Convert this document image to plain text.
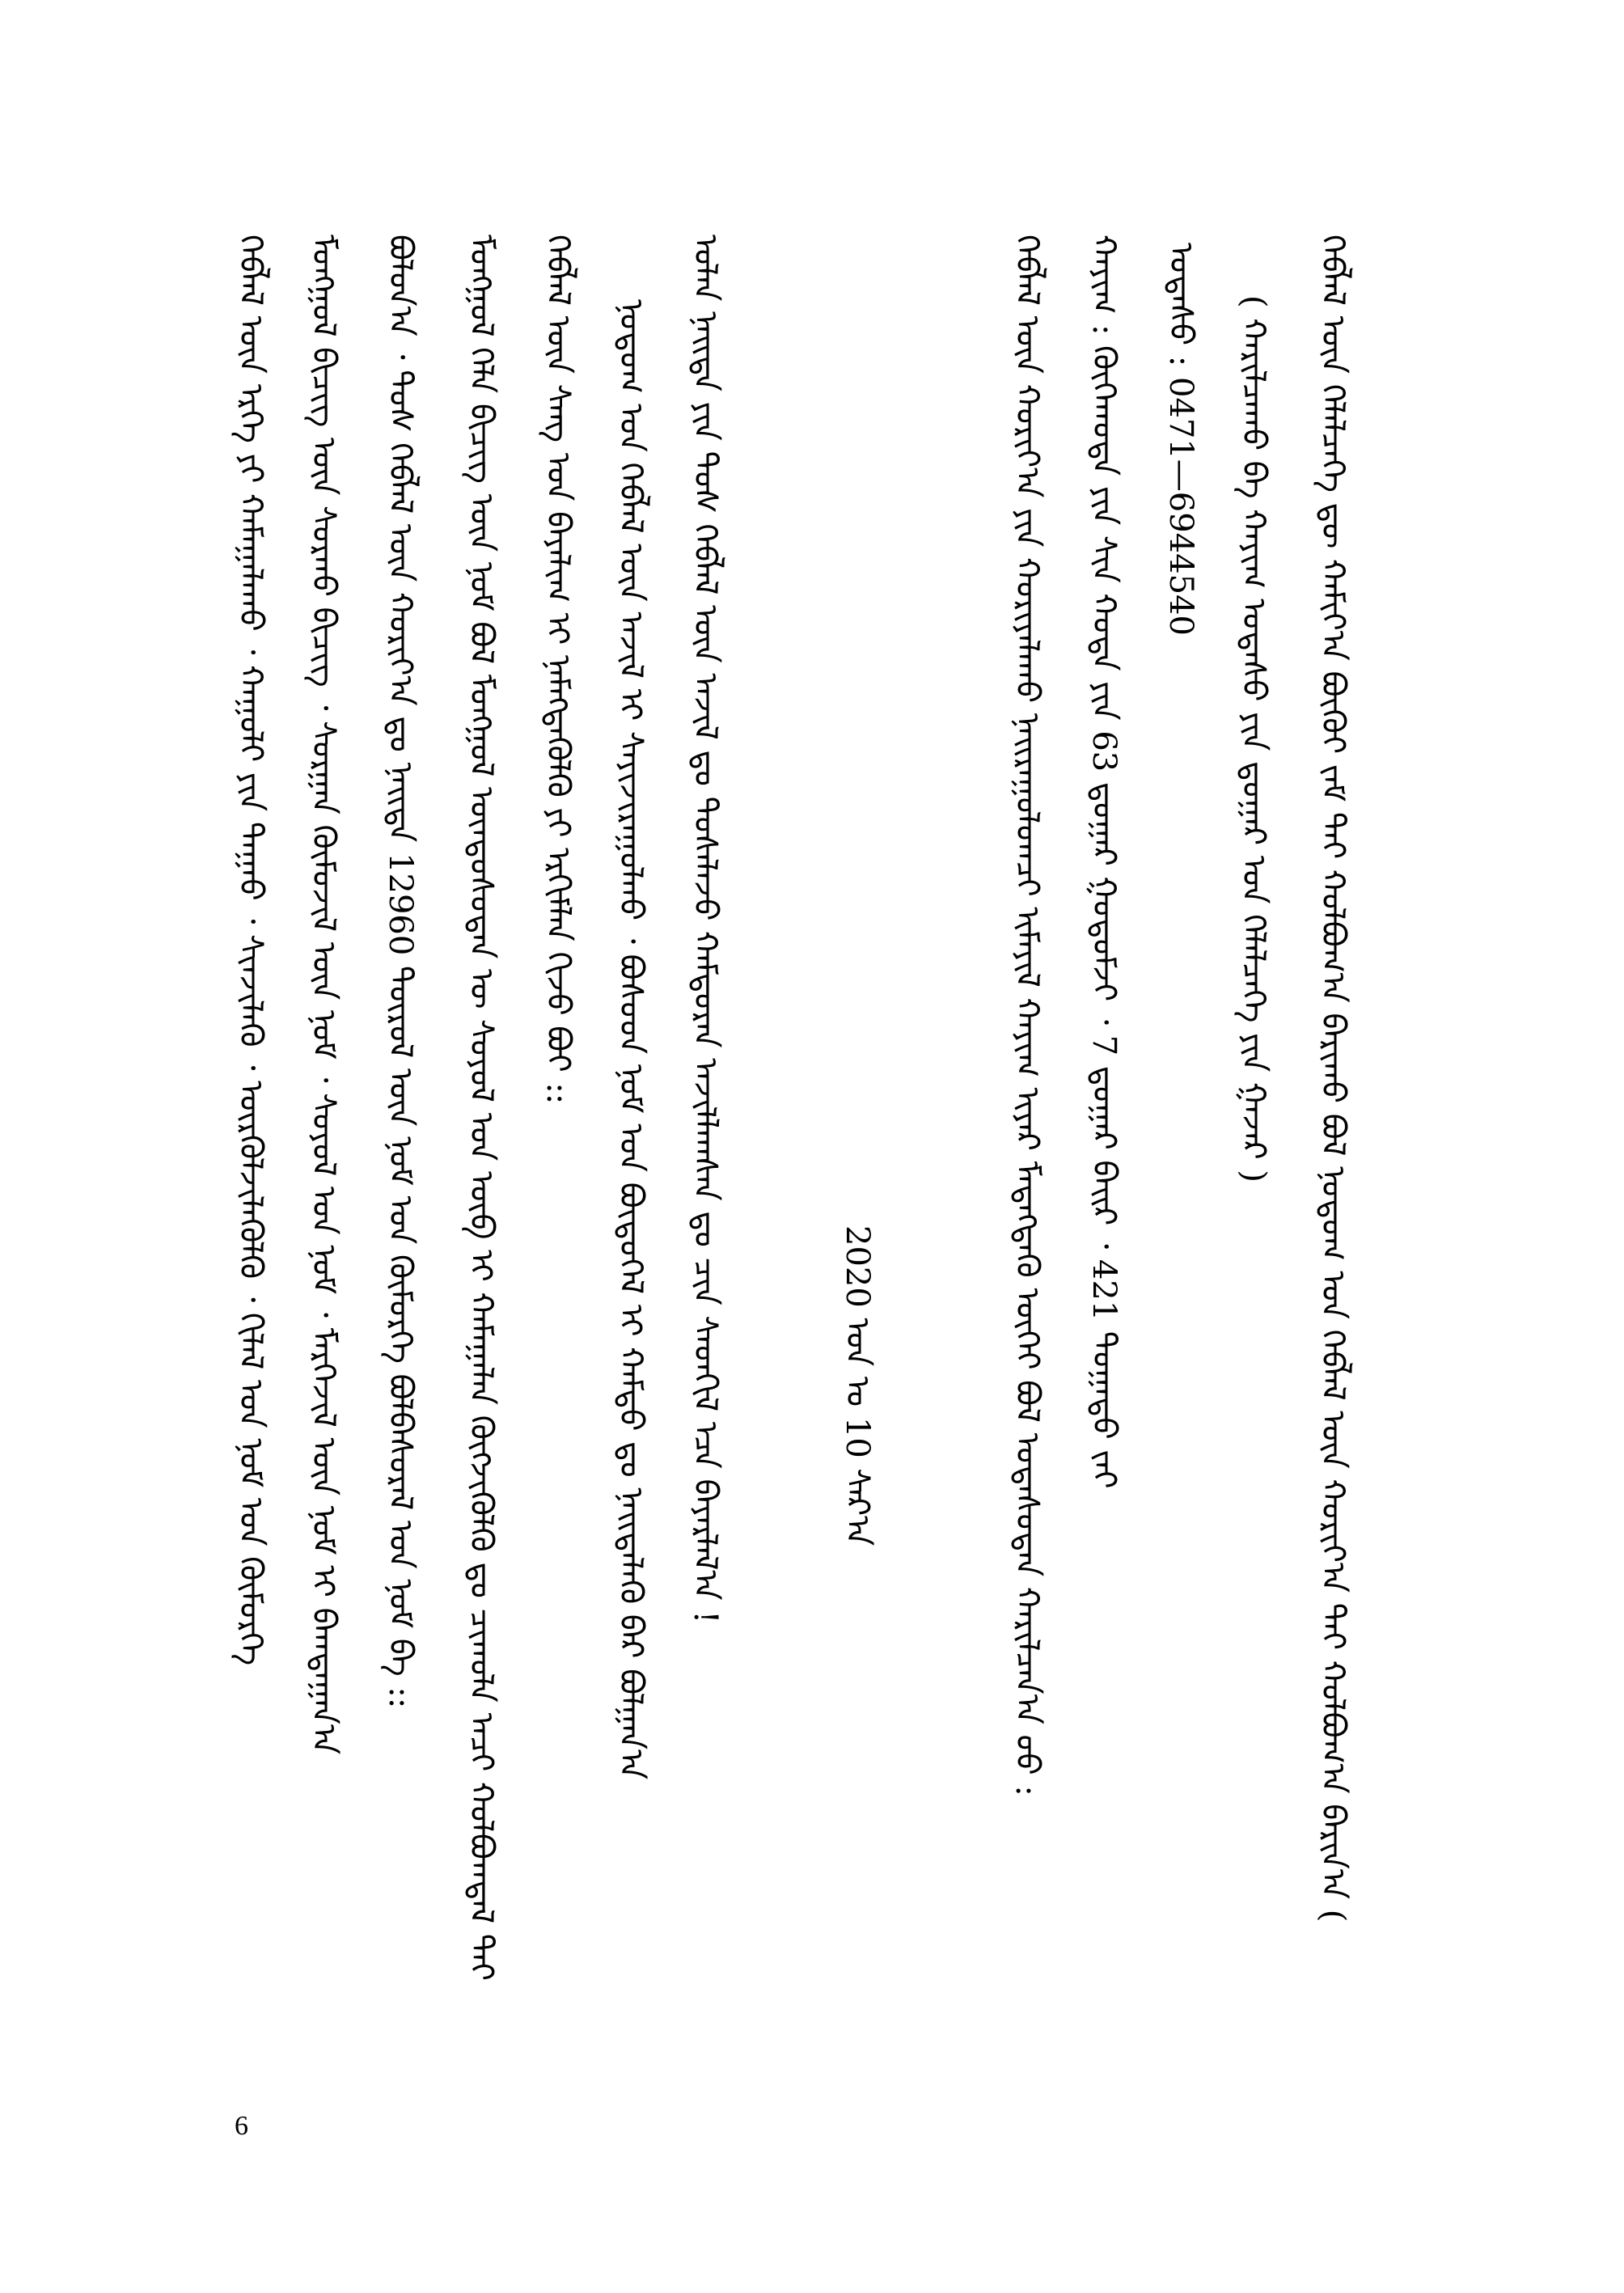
ᠬᠡᠪᠯᠡᠯ ᠦᠨ ᠬᠡᠯᠡᠯᠴᠡᠭᠡ ᠳᠦ ᠬᠠᠮᠢᠶ᠎ᠠ ᠪᠦᠬᠦᠢ ᠵᠠᠮ ᠲᠡᠢ ᠬᠤᠯᠪᠤᠭ᠎ᠠ ᠪᠠᠷᠢᠬᠤ ᠪᠣᠯ ᠨᠤᠲᠤᠭ ᠤᠨ ᠬᠡᠪᠯᠡᠯ ᠦᠨ ᠬᠤᠷᠢᠶ᠎ᠠ ᠲᠠᠢ ᠬᠣᠯᠪᠣᠭ᠎ᠠ ᠪᠠᠷᠢᠨ᠎ᠠ (
( ᠬᠠᠷᠢᠯᠴᠠᠬᠤ ᠪᠠ ᠬᠠᠶᠢᠭ ᠤᠲᠠᠰᠤ ᠶᠢᠨ ᠳ᠋ᠤᠭᠠᠷ ᠤᠨ ᠬᠡᠯᠡᠯᠴᠡᠭᠡ ᠶᠢᠨ ᠭᠠᠵᠠᠷ )
ᠤᠲᠠᠰᠤ : 0471—6944540
ᠬᠠᠶᠢᠭ : ᠬᠥᠬᠡᠬᠣᠲᠠ ᠶᠢᠨ ᠰᠢᠨ ᠬᠣᠲᠠ ᠶᠢᠨ 63 ᠳ᠋ᠤᠭᠠᠷ ᠭᠤᠳᠤᠮᠵᠢ ᠂ 7 ᠳ᠋ᠤᠭᠠᠷ ᠪᠠᠢᠷ ᠂ 421 ᠲᠣᠭᠠᠲᠤ ᠵᠠᠢ
ᠬᠡᠪᠯᠡᠯ ᠦᠨ ᠬᠤᠷᠢᠶ᠎ᠠ ᠶᠢᠨ ᠬᠤᠷᠢᠶᠠᠯᠠᠬᠤ ᠨᠠᠢᠷᠠᠭᠤᠯᠤᠭᠴᠢ ᠢᠮᠡᠶᠢᠯ ᠬᠠᠶᠢᠭ ᠢᠶᠠᠷ ᠮᠡᠳᠡᠭᠳᠡᠬᠦ ᠦᠭᠡᠢ ᠪᠣᠯ ᠤᠲᠠᠰᠤᠳᠠᠨ ᠬᠠᠷᠢᠯᠴᠠᠨ᠎ᠠ ᠤᠤ :
2020 ᠣᠨ ᠤ 10 ᠰᠠᠷ᠎ᠠ
ᠣᠯᠠᠨ ᠨᠡᠢᠲᠡ ᠶᠢᠨ ᠲᠤᠰ ᠬᠡᠪᠯᠡᠯ ᠦᠨ ᠠᠵᠢᠯ ᠳᠤ ᠲᠤᠰᠠᠯᠠᠵᠤ ᠬᠠᠮᠲᠤᠷᠠᠨ ᠠᠵᠢᠯᠯᠠᠭᠰᠠᠨ ᠳᠤ ᠴᠢᠨ ᠰᠡᠳᠬᠢᠯ ᠡᠴᠡ ᠪᠠᠶᠠᠷᠯᠠᠯ᠎ᠠ !
ᠨᠤᠲᠤᠭ ᠤᠨ ᠬᠡᠪᠯᠡᠯ ᠦᠨ ᠠᠵᠢᠯ ᠢ ᠰᠠᠶᠢᠵᠢᠷᠠᠭᠤᠯᠬᠤ ᠂ ᠪᠤᠰᠤᠳ ᠨᠣᠮ ᠤᠨ ᠪᠦᠲᠦᠭᠡᠯ ᠢ ᠬᠠᠮᠲᠤ ᠳᠤ ᠨᠡᠢᠲᠡᠯᠡᠬᠦ ᠪᠡᠷ ᠪᠣᠯᠭᠠᠨ᠎ᠠ
ᠬᠡᠪᠯᠡᠯ ᠦᠨ ᠰᠠᠩ ᠤᠨ ᠪᠠᠶᠠᠯᠢᠭ ᠢ ᠨᠡᠮᠡᠭᠳᠡᠭᠦᠯᠬᠦ ᠶᠢ ᠡᠷᠬᠢᠮᠯᠡᠨ ᠬᠢᠵᠦ ᠪᠣᠶ ::
ᠮᠣᠩᠭᠣᠯ ᠬᠡᠯᠡ ᠪᠢᠴᠢᠭ ᠦᠨ ᠨᠣᠮ ᠪᠣᠯ ᠮᠣᠩᠭᠣᠯ ᠦᠨᠳᠦᠰᠦᠲᠡᠨ ᠦ ᠰᠣᠶᠣᠯ ᠤᠨ ᠥᠪ ᠢ ᠬᠠᠮᠠᠭᠠᠯᠠᠨ ᠬᠥᠭᠵᠢᠭᠦᠯᠬᠦ ᠳᠤ ᠴᠢᠬᠤᠯᠠ ᠠᠴᠢ ᠬᠣᠯᠪᠣᠭᠳᠠᠯ ᠲᠠᠢ
ᠪᠣᠯᠤᠨ᠎ᠠ ᠂ ᠲᠤᠰ ᠬᠡᠪᠯᠡᠯ ᠦᠨ ᠬᠤᠷᠢᠶ᠎ᠠ ᠳᠤ ᠨᠡᠢᠲᠡ 12960 ᠲᠦᠷᠦᠯ ᠦᠨ ᠨᠣᠮ ᠤᠨ ᠬᠥᠮᠥᠷᠭᠡ ᠪᠣᠯᠪᠠᠰᠤᠷᠠᠯ ᠤᠨ ᠨᠣᠮ ᠪᠠ ::
ᠮᠣᠩᠭᠣᠯ ᠪᠢᠴᠢᠭ ᠦᠨ ᠰᠤᠷᠬᠤ ᠪᠢᠴᠢᠭ ᠂ ᠰᠤᠷᠭᠠᠨ ᠬᠥᠮᠦᠵᠢᠯ ᠦᠨ ᠨᠣᠮ ᠂ ᠰᠣᠶᠣᠯ ᠤᠨ ᠨᠣᠮ ᠂ ᠮᠡᠷᠭᠡᠵᠢᠯ ᠦᠨ ᠨᠣᠮ ᠢ ᠪᠠᠭᠲᠠᠭᠠᠨ᠎ᠠ
ᠬᠡᠪᠯᠡᠯ ᠦᠨ ᠡᠷᠬᠡ ᠶᠢ ᠬᠠᠮᠠᠭᠠᠯᠠᠬᠤ ᠂ ᠬᠠᠭᠤᠯᠢ ᠶᠢᠨ ᠳᠠᠭᠠᠤ ᠂ ᠰᠢᠨᠵᠢᠯᠡᠬᠦ ᠂ ᠦᠷᠭᠦᠯᠵᠢᠯᠡᠭᠦᠯᠬᠦ ᠂ ᠬᠢᠯᠡᠯ ᠤᠨ ᠨᠣᠮ ᠤᠨ ᠬᠥᠮᠥᠷᠭᠡ
6
